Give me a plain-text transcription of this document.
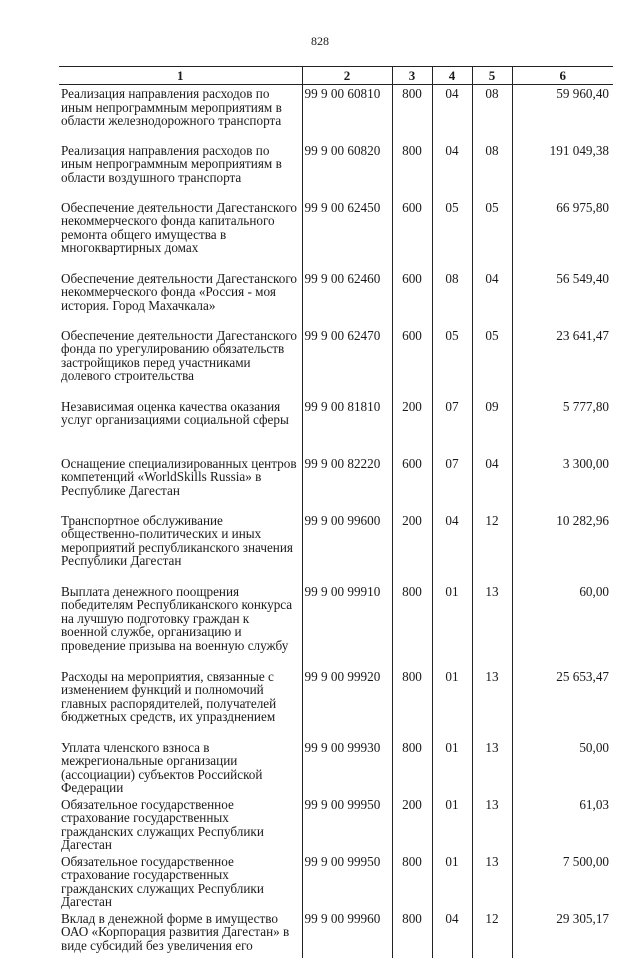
828
1	2	3	4	5	6
Реализация направления расходов по иным непрограммным мероприятиям в области железнодорожного транспорта	99 9 00 60810	800	04	08	59 960,40
Реализация направления расходов по иным непрограммным мероприятиям в области воздушного транспорта	99 9 00 60820	800	04	08	191 049,38
Обеспечение деятельности Дагестанского некоммерческого фонда капитального ремонта общего имущества в многоквартирных домах	99 9 00 62450	600	05	05	66 975,80
Обеспечение деятельности Дагестанского некоммерческого фонда «Россия - моя история. Город Махачкала»	99 9 00 62460	600	08	04	56 549,40
Обеспечение деятельности Дагестанского фонда по урегулированию обязательств застройщиков перед участниками долевого строительства	99 9 00 62470	600	05	05	23 641,47
Независимая оценка качества оказания услуг организациями социальной сферы	99 9 00 81810	200	07	09	5 777,80
Оснащение специализированных центров компетенций «WorldSkills Russia» в Республике Дагестан	99 9 00 82220	600	07	04	3 300,00
Транспортное обслуживание общественно-политических и иных мероприятий республиканского значения Республики Дагестан	99 9 00 99600	200	04	12	10 282,96
Выплата денежного поощрения победителям Республиканского конкурса на лучшую подготовку граждан к военной службе, организацию и проведение призыва на военную службу	99 9 00 99910	800	01	13	60,00
Расходы на мероприятия, связанные с изменением функций и полномочий главных распорядителей, получателей бюджетных средств, их упразднением	99 9 00 99920	800	01	13	25 653,47
Уплата членского взноса в межрегиональные организации (ассоциации) субъектов Российской Федерации	99 9 00 99930	800	01	13	50,00
Обязательное государственное страхование государственных гражданских служащих Республики Дагестан	99 9 00 99950	200	01	13	61,03
Обязательное государственное страхование государственных гражданских служащих Республики Дагестан	99 9 00 99950	800	01	13	7 500,00
Вклад в денежной форме в имущество ОАО «Корпорация развития Дагестан» в виде субсидий без увеличения его	99 9 00 99960	800	04	12	29 305,17
